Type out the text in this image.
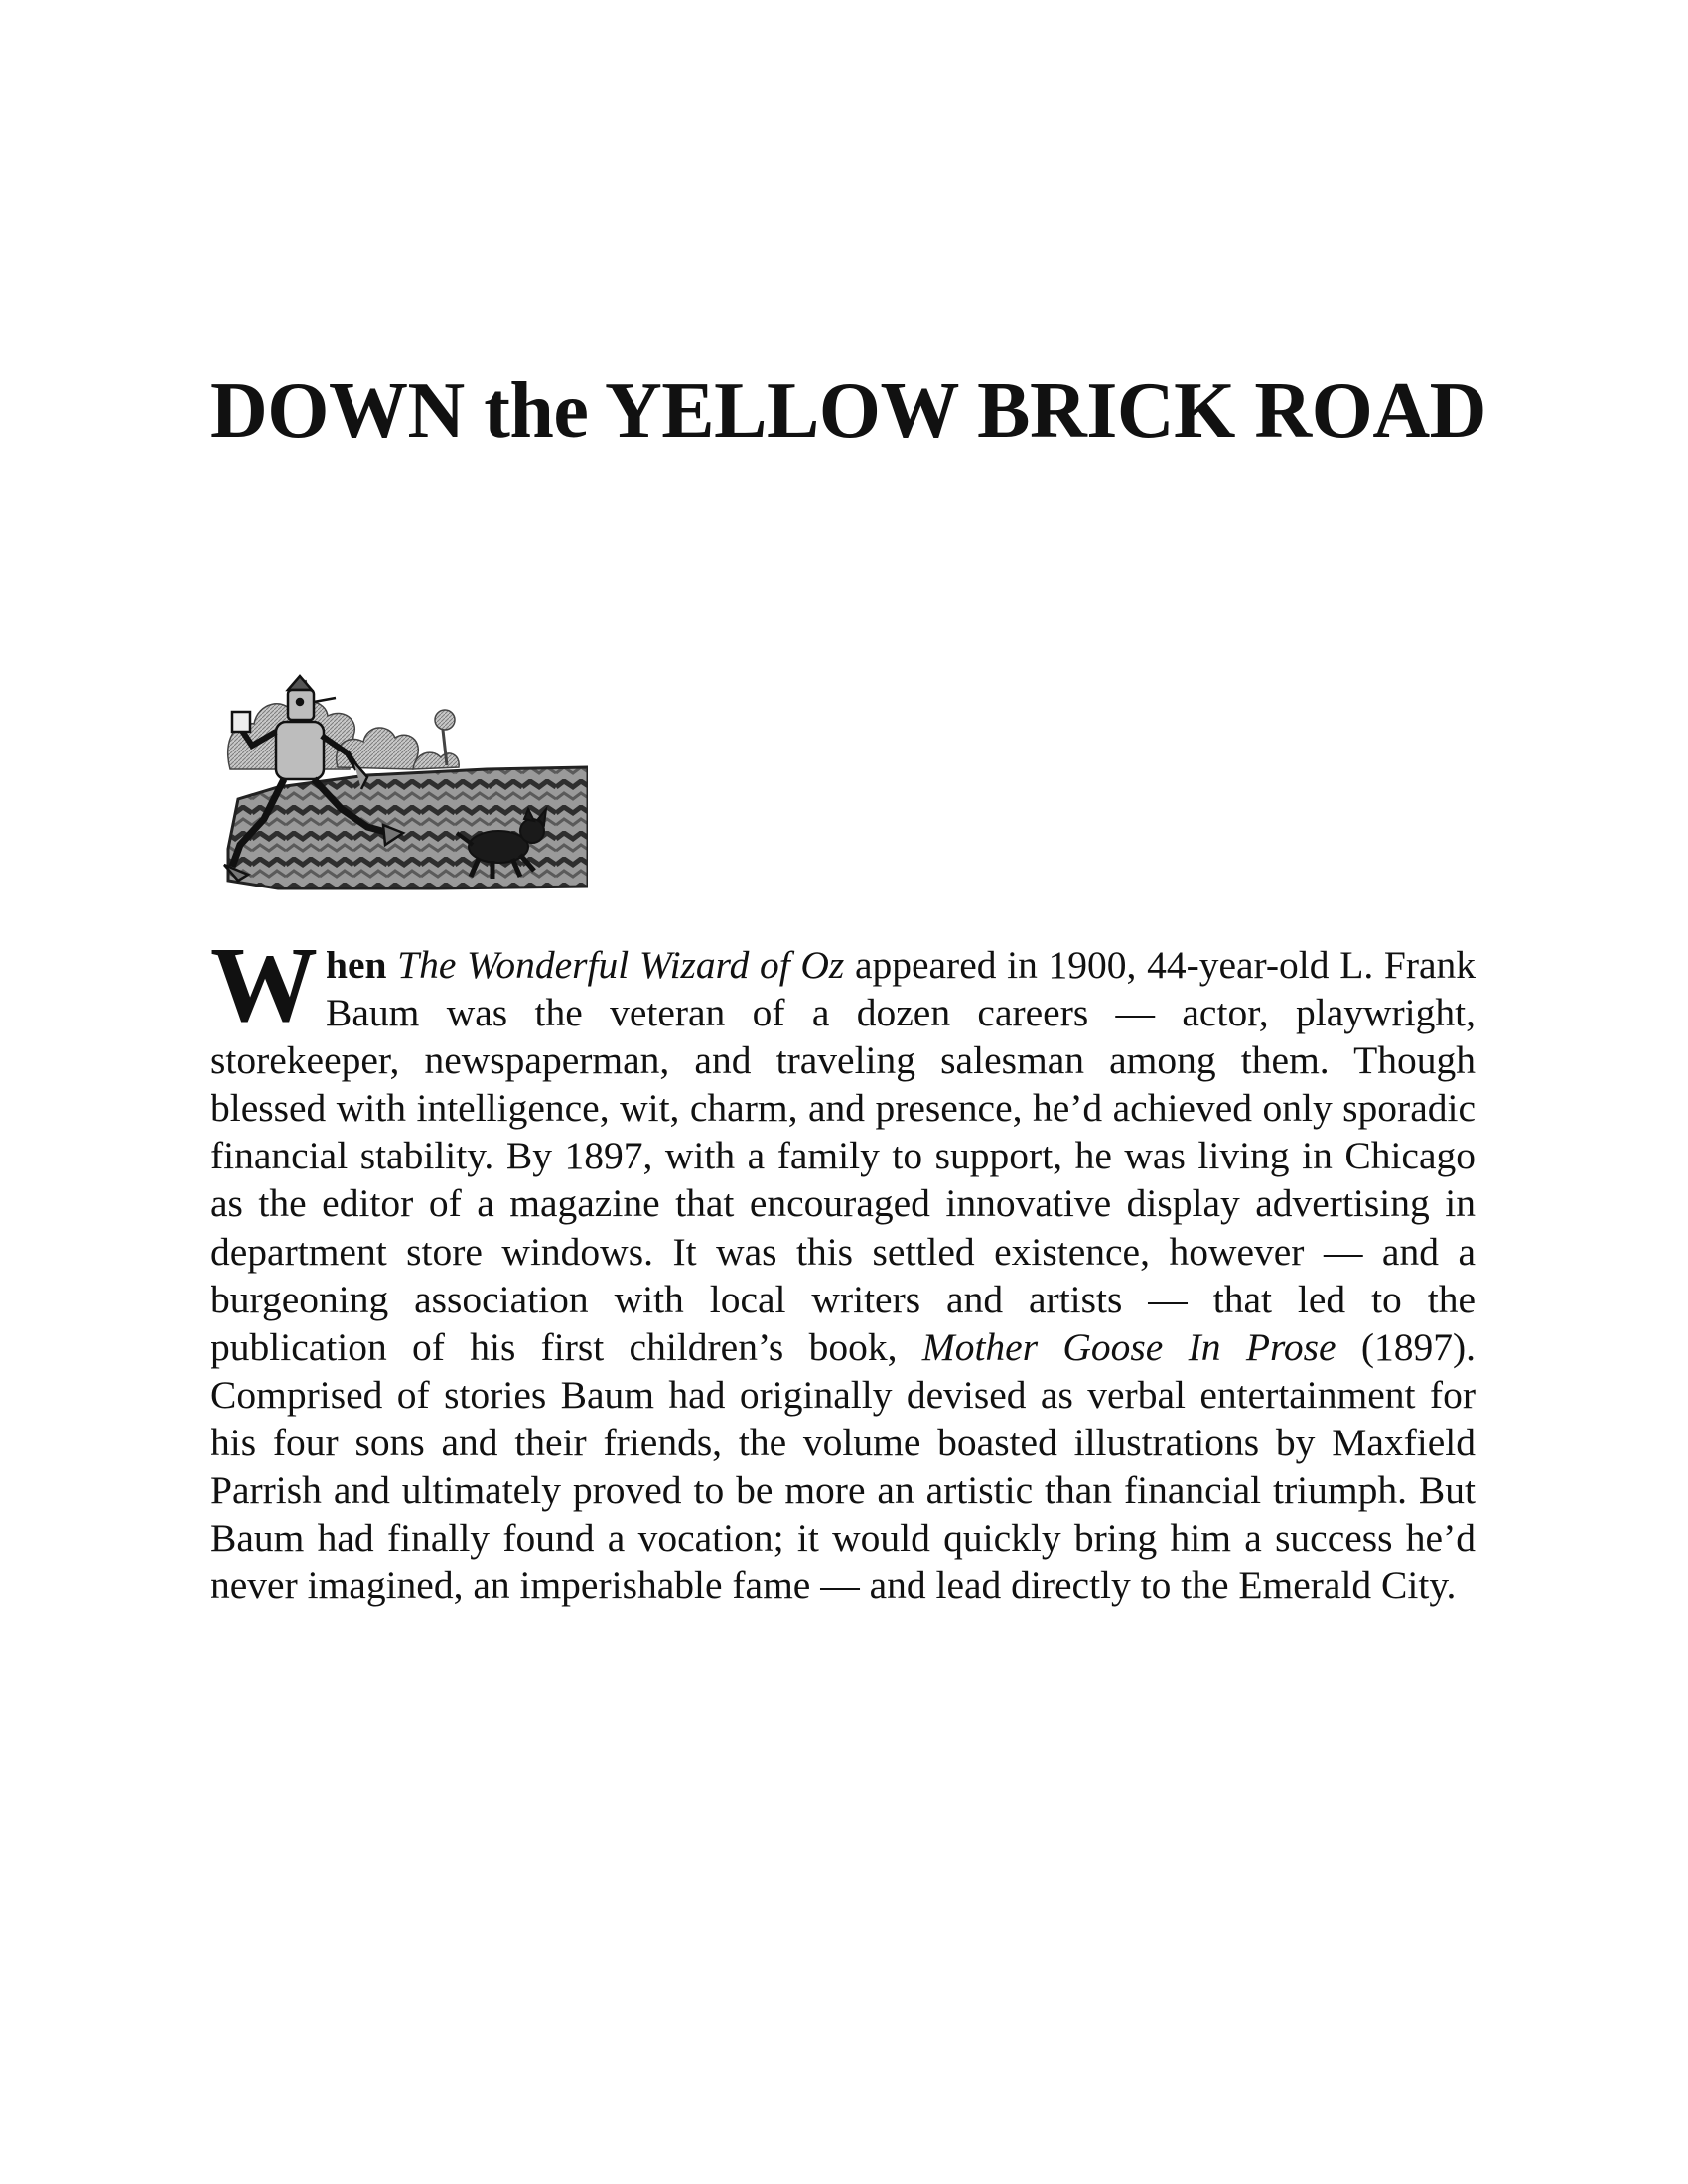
DOWN the YELLOW BRICK ROAD

When The Wonderful Wizard of Oz appeared in 1900, 44-year-old L. Frank Baum was the veteran of a dozen careers — actor, playwright, storekeeper, newspaperman, and traveling salesman among them. Though blessed with intelligence, wit, charm, and presence, he’d achieved only sporadic financial stability. By 1897, with a family to support, he was living in Chicago as the editor of a magazine that encouraged innovative display advertising in department store windows. It was this settled existence, however — and a burgeoning association with local writers and artists — that led to the publication of his first children’s book, Mother Goose In Prose (1897). Comprised of stories Baum had originally devised as verbal entertainment for his four sons and their friends, the volume boasted illustrations by Maxfield Parrish and ultimately proved to be more an artistic than financial triumph. But Baum had finally found a vocation; it would quickly bring him a success he’d never imagined, an imperishable fame — and lead directly to the Emerald City.
